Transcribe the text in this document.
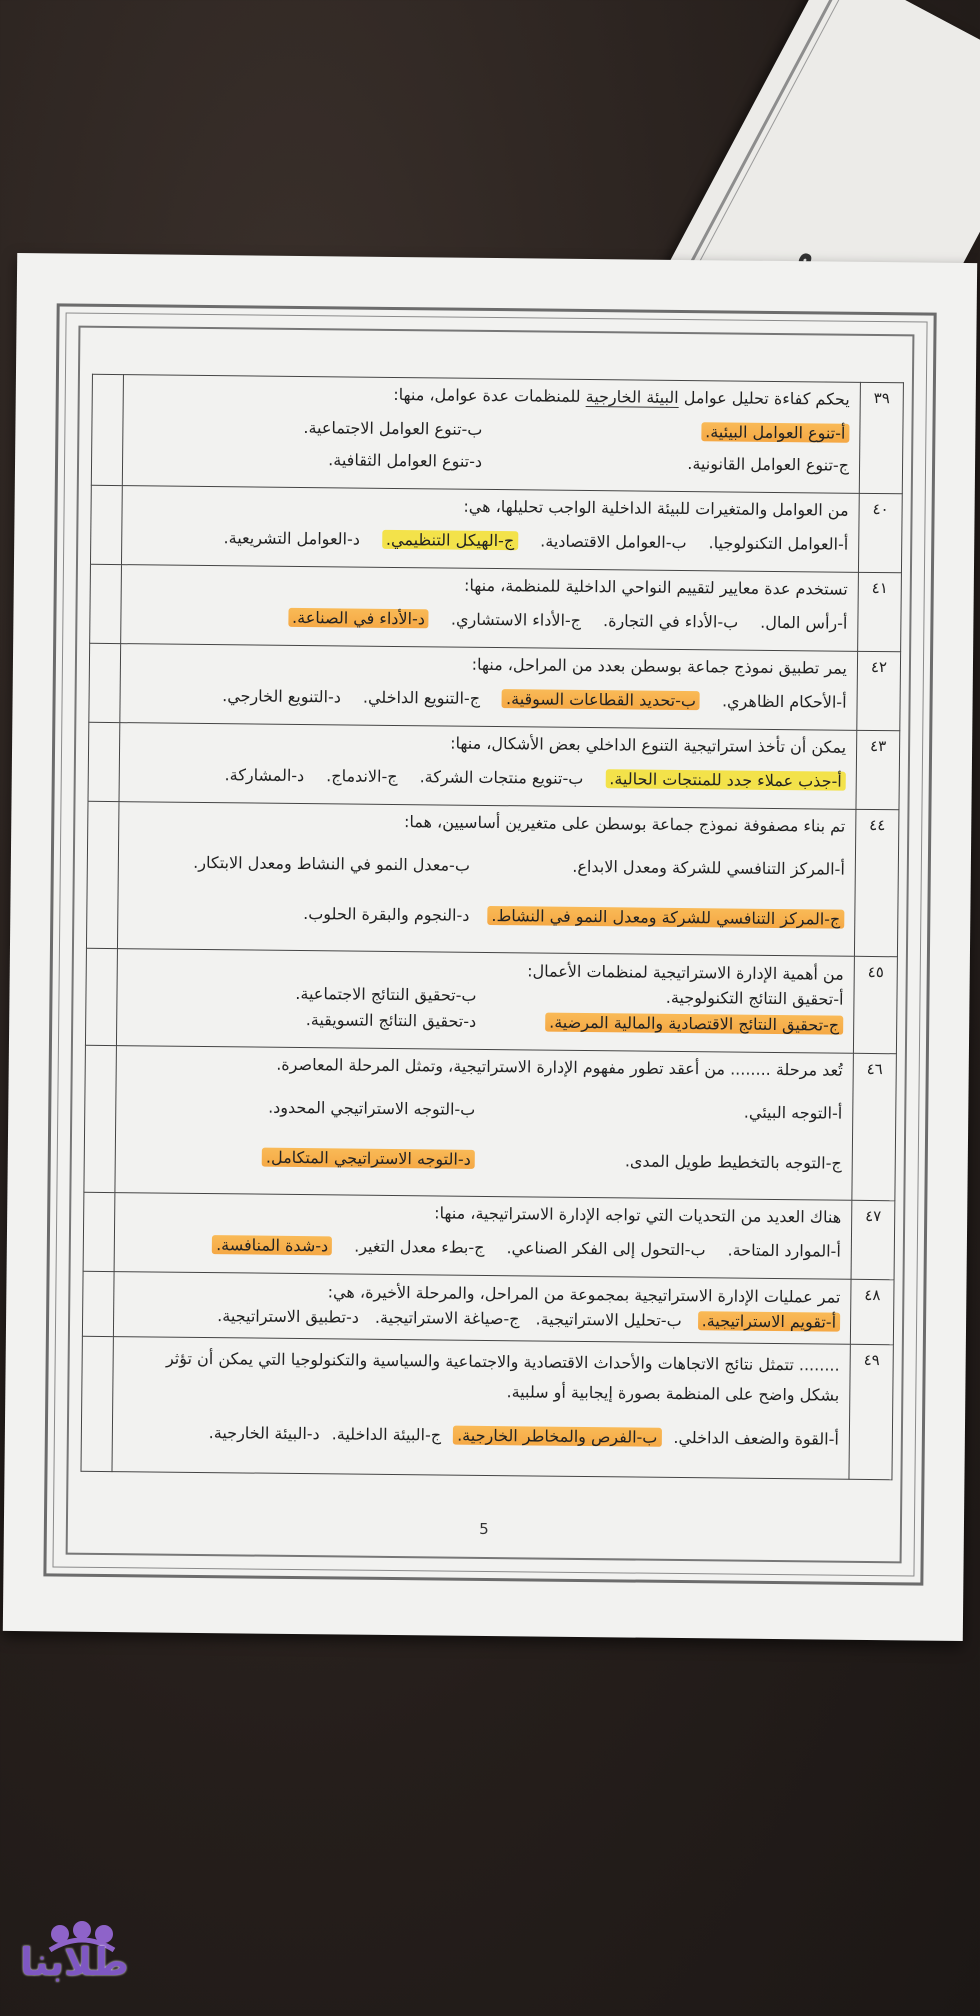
٣٩	يحكم كفاءة تحليل عوامل البيئة الخارجية للمنظمات عدة عوامل، منها:
أ-تنوع العوامل البيئية.
ب-تنوع العوامل الاجتماعية.
ج-تنوع العوامل القانونية.
د-تنوع العوامل الثقافية.	

٤٠	من العوامل والمتغيرات للبيئة الداخلية الواجب تحليلها، هي:
أ-العوامل التكنولوجيا.
ب-العوامل الاقتصادية.
ج-الهيكل التنظيمي.
د-العوامل التشريعية.	

٤١	تستخدم عدة معايير لتقييم النواحي الداخلية للمنظمة، منها:
أ-رأس المال.
ب-الأداء في التجارة.
ج-الأداء الاستشاري.
د-الأداء في الصناعة.	

٤٢	يمر تطبيق نموذج جماعة بوسطن بعدد من المراحل، منها:
أ-الأحكام الظاهري.
ب-تحديد القطاعات السوقية.
ج-التنويع الداخلي.
د-التنويع الخارجي.	

٤٣	يمكن أن تأخذ استراتيجية التنوع الداخلي بعض الأشكال، منها:
أ-جذب عملاء جدد للمنتجات الحالية.
ب-تنويع منتجات الشركة.
ج-الاندماج.
د-المشاركة.	

٤٤	تم بناء مصفوفة نموذج جماعة بوسطن على متغيرين أساسيين، هما:
أ-المركز التنافسي للشركة ومعدل الابداع.
ب-معدل النمو في النشاط ومعدل الابتكار.
ج-المركز التنافسي للشركة ومعدل النمو في النشاط.
د-النجوم والبقرة الحلوب.	

٤٥	من أهمية الإدارة الاستراتيجية لمنظمات الأعمال:
أ-تحقيق النتائج التكنولوجية.
ب-تحقيق النتائج الاجتماعية.
ج-تحقيق النتائج الاقتصادية والمالية المرضية.
د-تحقيق النتائج التسويقية.	

٤٦	تُعد مرحلة ........ من أعقد تطور مفهوم الإدارة الاستراتيجية، وتمثل المرحلة المعاصرة.
أ-التوجه البيئي.
ب-التوجه الاستراتيجي المحدود.
ج-التوجه بالتخطيط طويل المدى.
د-التوجه الاستراتيجي المتكامل.	

٤٧	هناك العديد من التحديات التي تواجه الإدارة الاستراتيجية، منها:
أ-الموارد المتاحة.
ب-التحول إلى الفكر الصناعي.
ج-بطء معدل التغير.
د-شدة المنافسة.	

٤٨	تمر عمليات الإدارة الاستراتيجية بمجموعة من المراحل، والمرحلة الأخيرة، هي:
أ-تقويم الاستراتيجية.
ب-تحليل الاستراتيجية.
ج-صياغة الاستراتيجية.
د-تطبيق الاستراتيجية.	

٤٩	........ تتمثل نتائج الاتجاهات والأحداث الاقتصادية والاجتماعية والسياسية والتكنولوجيا التي يمكن أن تؤثر بشكل واضح على المنظمة بصورة إيجابية أو سلبية.
أ-القوة والضعف الداخلي.
ب-الفرص والمخاطر الخارجية.
ج-البيئة الداخلية.
د-البيئة الخارجية.	

5
طلابنا
